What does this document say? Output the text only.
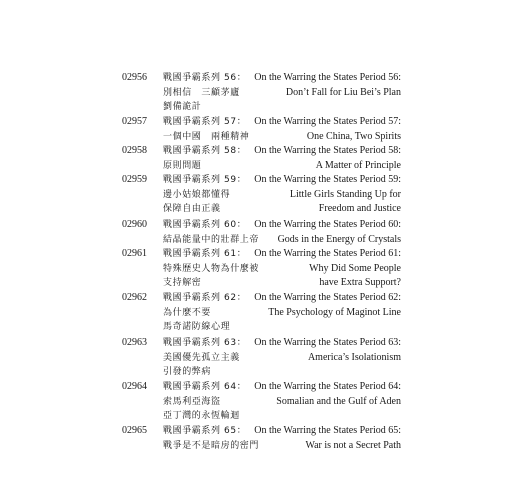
02956 戰國爭霸系列 56：
別相信　三顧茅廬
劉備詭計
On the Warring the States Period 56:
Don’t Fall for Liu Bei’s Plan
02957 戰國爭霸系列 57：
一個中國　兩種精神
On the Warring the States Period 57:
One China, Two Spirits
02958 戰國爭霸系列 58：
原則問題
On the Warring the States Period 58:
A Matter of Principle
02959 戰國爭霸系列 59：
邊小姑娘都懂得
保障自由正義
On the Warring the States Period 59:
Little Girls Standing Up for
Freedom and Justice
02960 戰國爭霸系列 60：
結晶能量中的壯群上帝
On the Warring the States Period 60:
Gods in the Energy of Crystals
02961 戰國爭霸系列 61：
特殊歷史人物為什麼被
支持解密
On the Warring the States Period 61:
Why Did Some People
have Extra Support?
02962 戰國爭霸系列 62：
為什麼不要
馬奇諾防線心理
On the Warring the States Period 62:
The Psychology of Maginot Line
02963 戰國爭霸系列 63：
美國優先孤立主義
引發的弊病
On the Warring the States Period 63:
America’s Isolationism
02964 戰國爭霸系列 64：
索馬利亞海盜
亞丁灣的永恆輪迴
On the Warring the States Period 64:
Somalian and the Gulf of Aden
02965 戰國爭霸系列 65：
戰爭是不是暗房的密門
On the Warring the States Period 65:
War is not a Secret Path
